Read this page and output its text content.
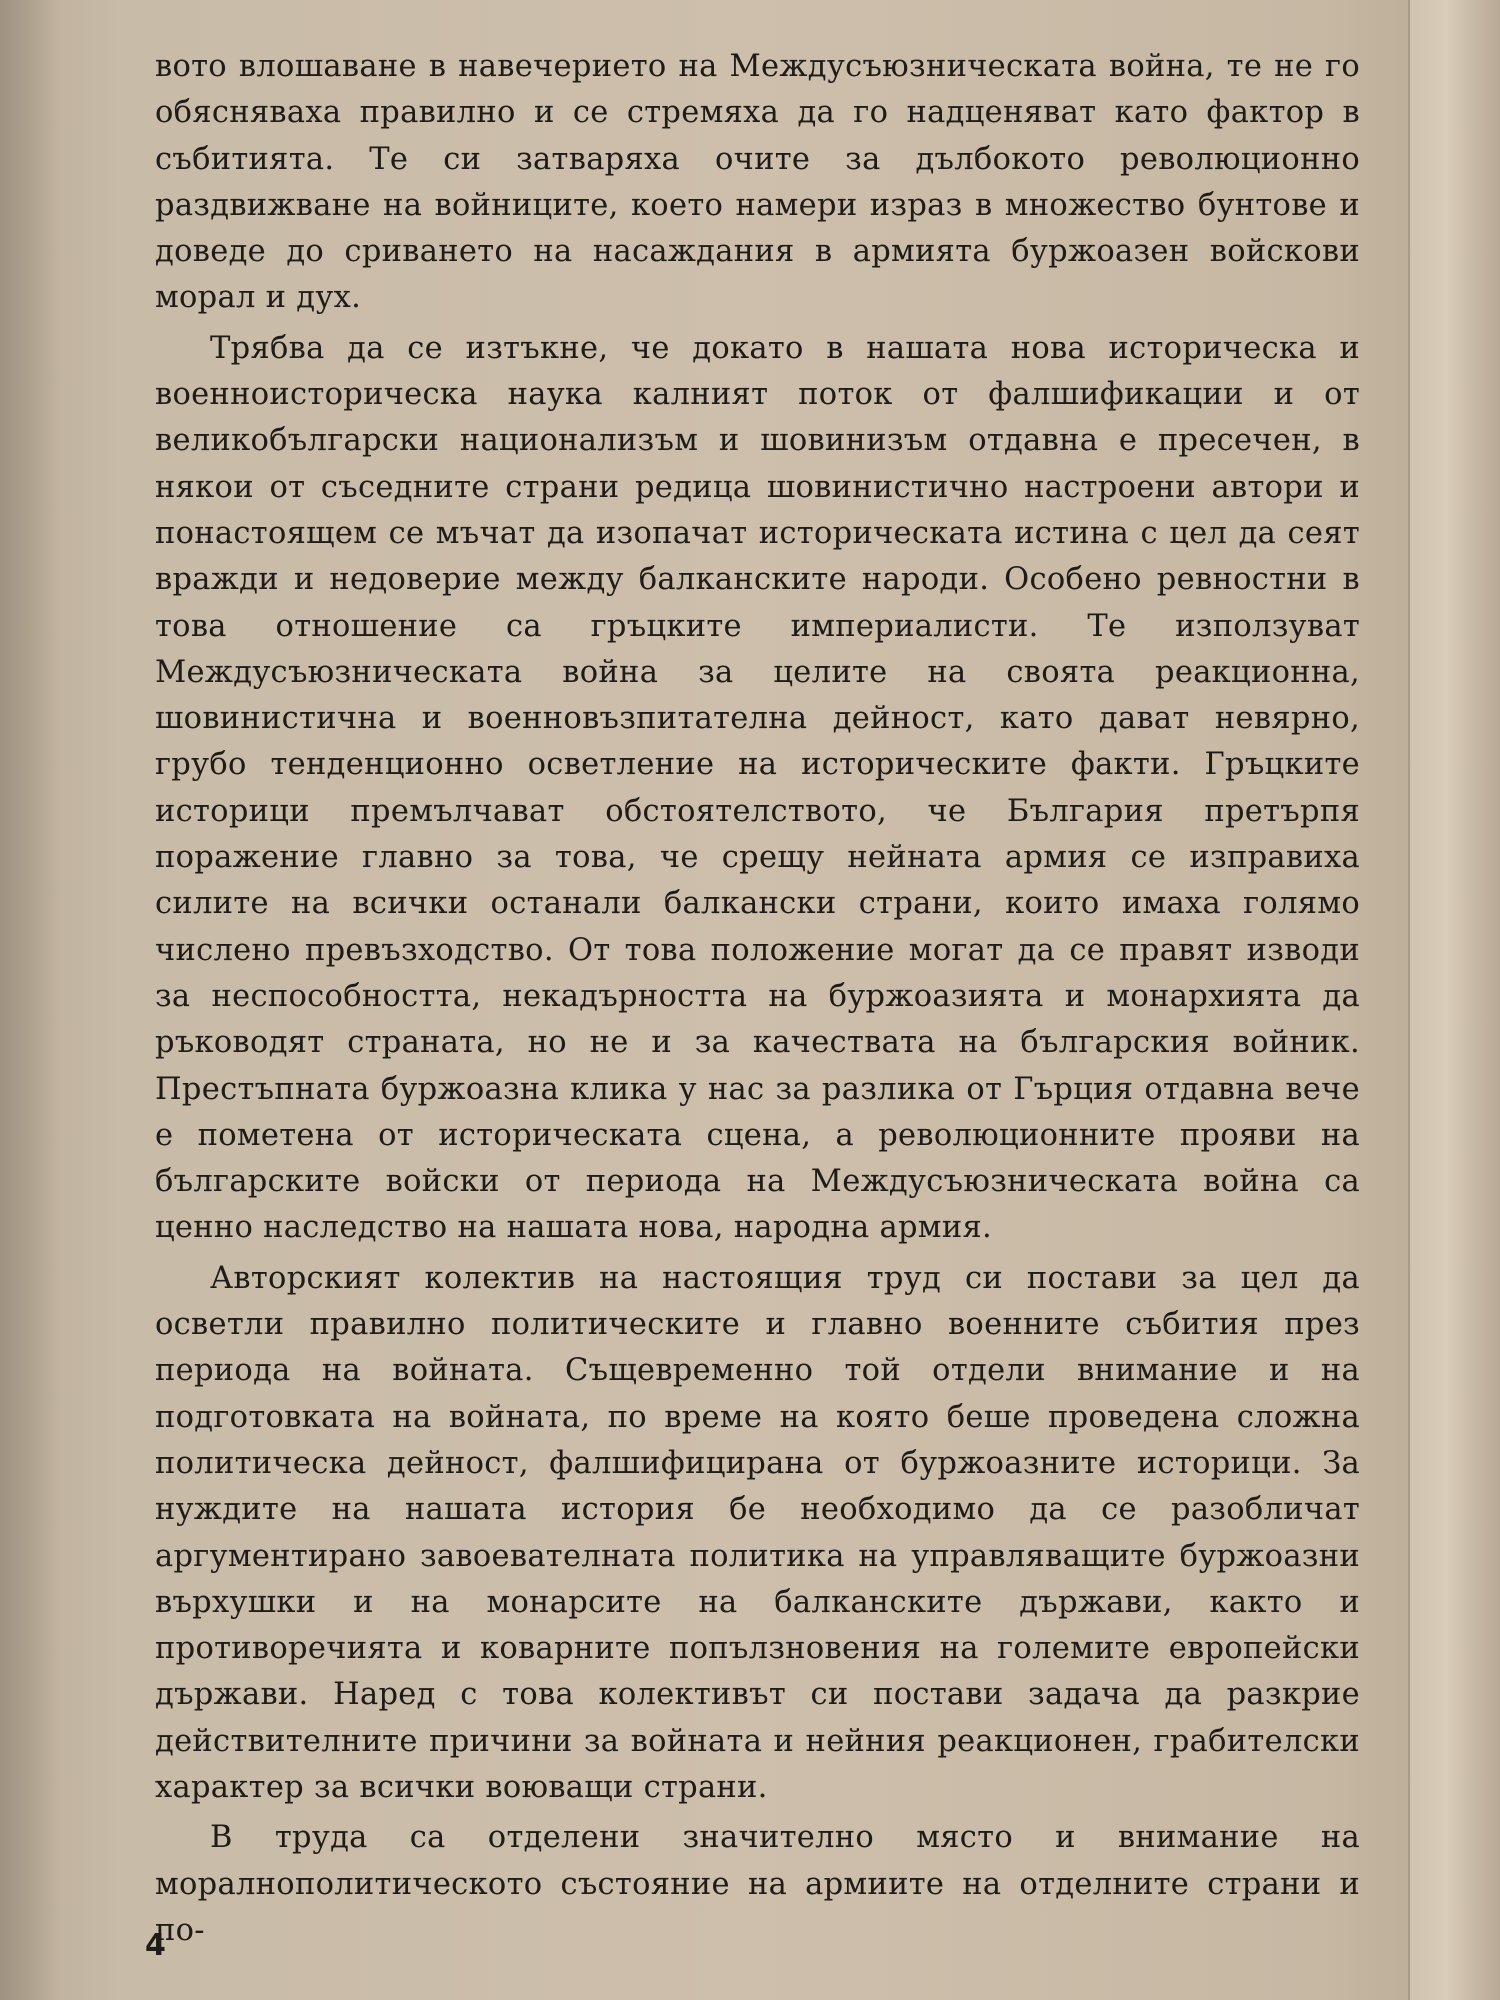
вото влошаване в навечерието на Междусъюзническата война, те не го обясняваха правилно и се стремяха да го надценяват като фактор в събитията. Те си затваряха очите за дълбокото революционно раздвижване на войниците, което намери израз в множество бунтове и доведе до сриването на насаждания в армията буржоазен войскови морал и дух.

Трябва да се изтъкне, че докато в нашата нова историческа и военноисторическа наука калният поток от фалшификации и от великобългарски национализъм и шовинизъм отдавна е пресечен, в някои от съседните страни редица шовинистично настроени автори и понастоящем се мъчат да изопачат историческата истина с цел да сеят вражди и недоверие между балканските народи. Особено ревностни в това отношение са гръцките империалисти. Те използуват Междусъюзническата война за целите на своята реакционна, шовинистична и военновъзпитателна дейност, като дават невярно, грубо тенденционно осветление на историческите факти. Гръцките историци премълчават обстоятелството, че България претърпя поражение главно за това, че срещу нейната армия се изправиха силите на всички останали балкански страни, които имаха голямо числено превъзходство. От това положение могат да се правят изводи за неспособността, некадърността на буржоазията и монархията да ръководят страната, но не и за качествата на българския войник. Престъпната буржоазна клика у нас за разлика от Гърция отдавна вече е пометена от историческата сцена, а революционните прояви на българските войски от периода на Междусъюзническата война са ценно наследство на нашата нова, народна армия.

Авторският колектив на настоящия труд си постави за цел да осветли правилно политическите и главно военните събития през периода на войната. Същевременно той отдели внимание и на подготовката на войната, по време на която беше проведена сложна политическа дейност, фалшифицирана от буржоазните историци. За нуждите на нашата история бе необходимо да се разобличат аргументирано завоевателната политика на управляващите буржоазни върхушки и на монарсите на балканските държави, както и противоречията и коварните попълзновения на големите европейски държави. Наред с това колективът си постави задача да разкрие действителните причини за войната и нейния реакционен, грабителски характер за всички воюващи страни.

В труда са отделени значително място и внимание на моралнополитическото състояние на армиите на отделните страни и по-

4
